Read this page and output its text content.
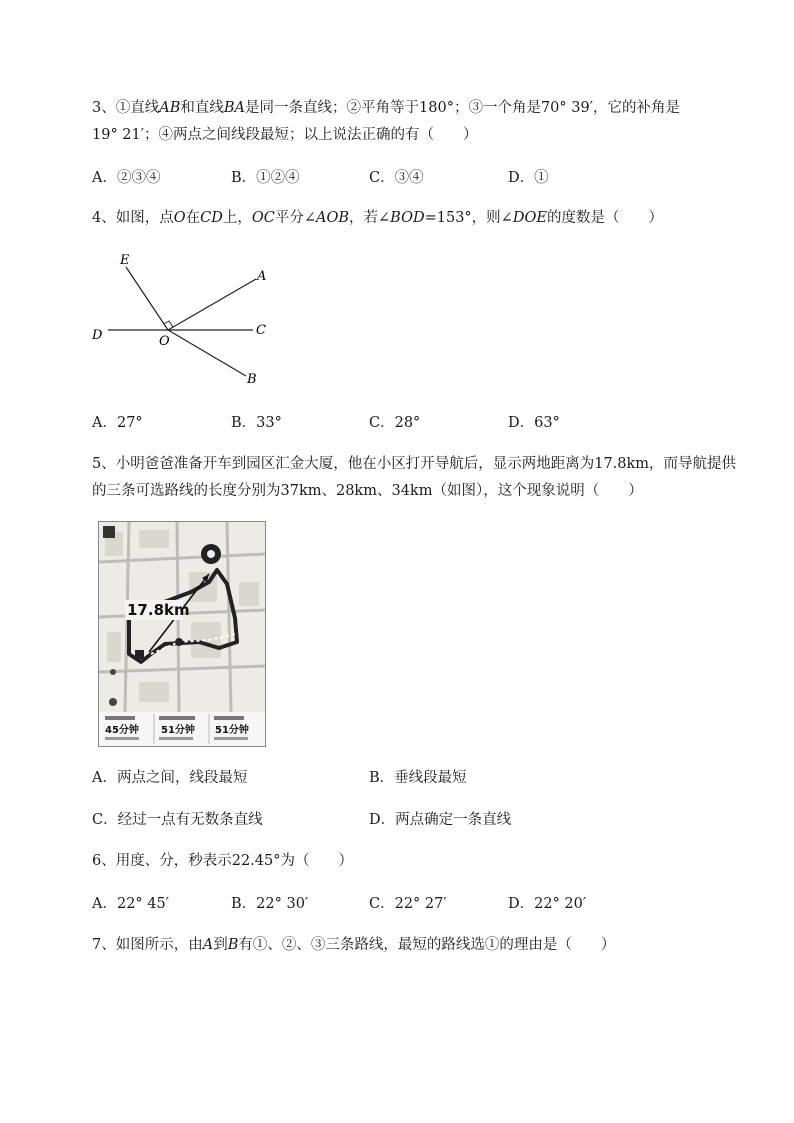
3、①直线AB和直线BA是同一条直线；②平角等于180°；③一个角是70° 39′，它的补角是
19° 21′；④两点之间线段最短；以上说法正确的有（　　）
A．②③④	B．①②④	C．③④	D．①
4、如图，点O在CD上，OC平分∠AOB，若∠BOD=153°，则∠DOE的度数是（　　）
E
A
D	O
C
B
A．27°	B．33°	C．28°	D．63°
5、小明爸爸准备开车到园区汇金大厦，他在小区打开导航后，显示两地距离为17.8km，而导航提供
的三条可选路线的长度分别为37km、28km、34km（如图），这个现象说明（　　）
17.8km
45分钟 51分钟 51分钟
A．两点之间，线段最短	B．垂线段最短
C．经过一点有无数条直线	D．两点确定一条直线
6、用度、分，秒表示22.45°为（　　）
A．22° 45′	B．22° 30′	C．22° 27′	D．22° 20′
7、如图所示，由A到B有①、②、③三条路线，最短的路线选①的理由是（　　）
